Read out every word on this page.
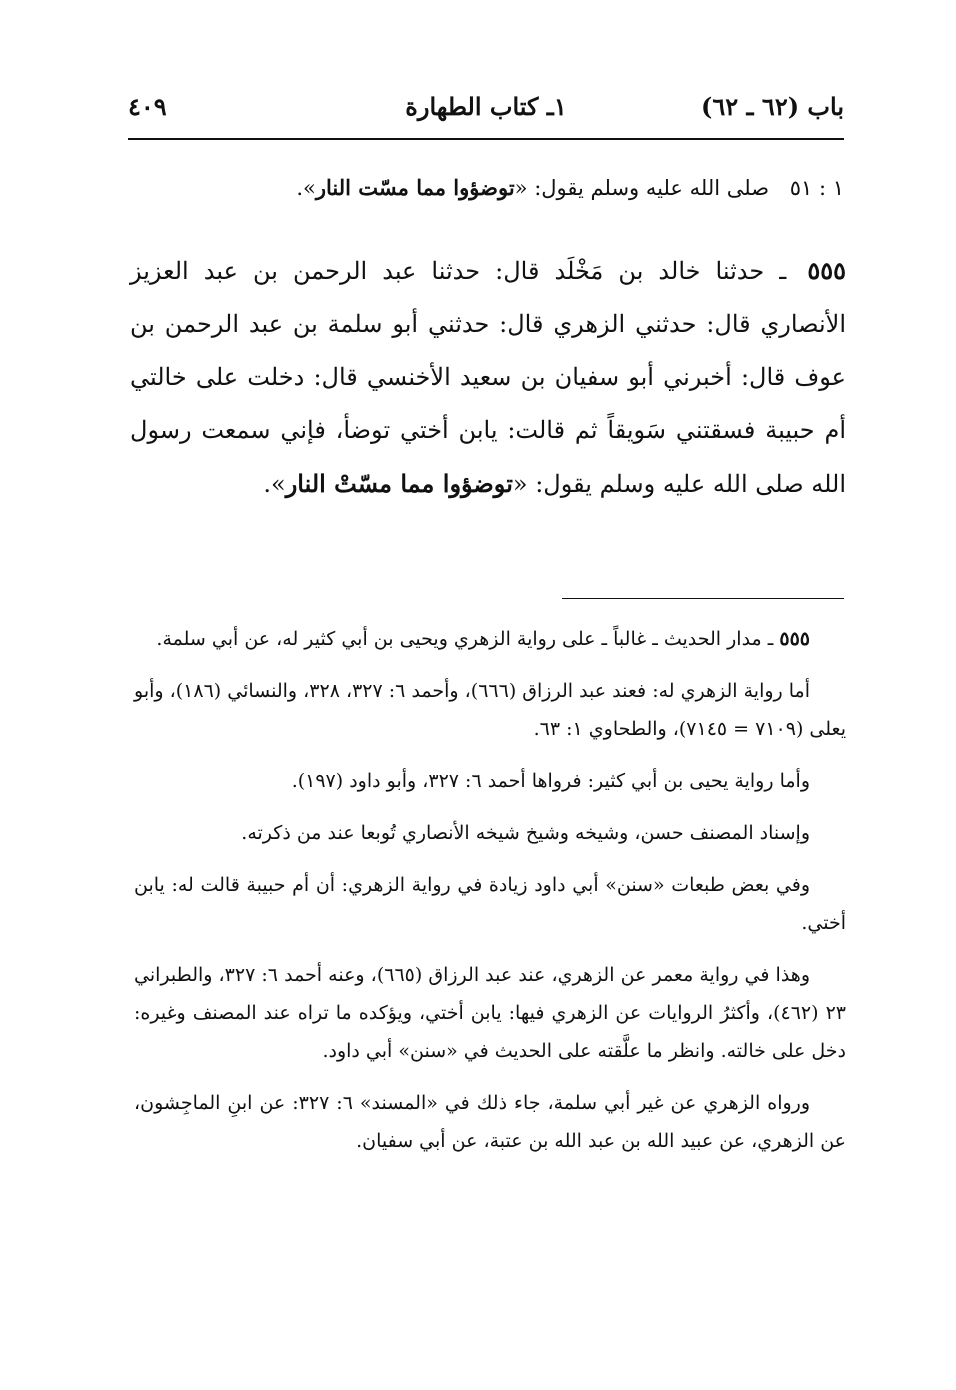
باب (٦٢ ـ ٦٢)
١ـ كتاب الطهارة
٤٠٩
١ : ٥١ صلى الله عليه وسلم يقول: «توضؤوا مما مسّت النار».

٥٥٥ ـ حدثنا خالد بن مَخْلَد قال: حدثنا عبد الرحمن بن عبد العزيز الأنصاري قال: حدثني الزهري قال: حدثني أبو سلمة بن عبد الرحمن بن عوف قال: أخبرني أبو سفيان بن سعيد الأخنسي قال: دخلت على خالتي أم حبيبة فسقتني سَويقاً ثم قالت: يابن أختي توضأ، فإني سمعت رسول الله صلى الله عليه وسلم يقول: «توضؤوا مما مسّتْ النار».

٥٥٥ ـ مدار الحديث ـ غالباً ـ على رواية الزهري ويحيى بن أبي كثير له، عن أبي سلمة.

أما رواية الزهري له: فعند عبد الرزاق (٦٦٦)، وأحمد ٦: ٣٢٧، ٣٢٨، والنسائي (١٨٦)، وأبو يعلى (٧١٠٩ = ٧١٤٥)، والطحاوي ١: ٦٣.

وأما رواية يحيى بن أبي كثير: فرواها أحمد ٦: ٣٢٧، وأبو داود (١٩٧).

وإسناد المصنف حسن، وشيخه وشيخ شيخه الأنصاري تُوبعا عند من ذكرته.

وفي بعض طبعات «سنن» أبي داود زيادة في رواية الزهري: أن أم حبيبة قالت له: يابن أختي.

وهذا في رواية معمر عن الزهري، عند عبد الرزاق (٦٦٥)، وعنه أحمد ٦: ٣٢٧، والطبراني ٢٣ (٤٦٢)، وأكثرُ الروايات عن الزهري فيها: يابن أختي، ويؤكده ما تراه عند المصنف وغيره: دخل على خالته. وانظر ما علَّقته على الحديث في «سنن» أبي داود.

ورواه الزهري عن غير أبي سلمة، جاء ذلك في «المسند» ٦: ٣٢٧: عن ابنِ الماجِشون، عن الزهري، عن عبيد الله بن عبد الله بن عتبة، عن أبي سفيان.
